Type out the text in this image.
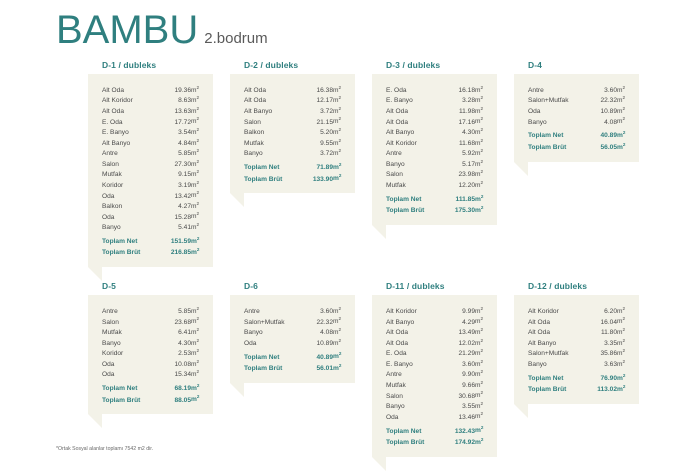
BAMBU 2.bodrum
D-1 / dubleks
Alt Oda	19.36	$m^2$
Alt Koridor	8.63	$m^2$
Alt Oda	13.63	$m^2$
E. Oda	17.72	$m^2$
E. Banyo	3.54	$m^2$
Alt Banyo	4.84	$m^2$
Antre	5.85	$m^2$
Salon	27.30	$m^2$
Mutfak	9.15	$m^2$
Koridor	3.19	$m^2$
Oda	13.42	$m^2$
Balkon	4.27	$m^2$
Oda	15.28	$m^2$
Banyo	5.41	$m^2$
Toplam Net	151.59	$m^2$
Toplam Brüt	216.85	$m^2$
D-2 / dubleks
Alt Oda	16.38	$m^2$
Alt Oda	12.17	$m^2$
Alt Banyo	3.72	$m^2$
Salon	21.15	$m^2$
Balkon	5.20	$m^2$
Mutfak	9.55	$m^2$
Banyo	3.72	$m^2$
Toplam Net	71.89	$m^2$
Toplam Brüt	133.90	$m^2$
D-3 / dubleks
E. Oda	16.18	$m^2$
E. Banyo	3.28	$m^2$
Alt Oda	11.98	$m^2$
Alt Oda	17.16	$m^2$
Alt Banyo	4.30	$m^2$
Alt Koridor	11.68	$m^2$
Antre	5.92	$m^2$
Banyo	5.17	$m^2$
Salon	23.98	$m^2$
Mutfak	12.20	$m^2$
Toplam Net	111.85	$m^2$
Toplam Brüt	175.30	$m^2$
D-4
Antre	3.60	$m^2$
Salon+Mutfak	22.32	$m^2$
Oda	10.89	$m^2$
Banyo	4.08	$m^2$
Toplam Net	40.89	$m^2$
Toplam Brüt	56.05	$m^2$
D-5
Antre	5.85	$m^2$
Salon	23.68	$m^2$
Mutfak	6.41	$m^2$
Banyo	4.30	$m^2$
Koridor	2.53	$m^2$
Oda	10.08	$m^2$
Oda	15.34	$m^2$
Toplam Net	68.19	$m^2$
Toplam Brüt	88.05	$m^2$
D-6
Antre	3.60	$m^2$
Salon+Mutfak	22.32	$m^2$
Banyo	4.08	$m^2$
Oda	10.89	$m^2$
Toplam Net	40.89	$m^2$
Toplam Brüt	56.01	$m^2$
D-11 / dubleks
Alt Koridor	9.99	$m^2$
Alt Banyo	4.29	$m^2$
Alt Oda	13.49	$m^2$
Alt Oda	12.02	$m^2$
E. Oda	21.29	$m^2$
E. Banyo	3.60	$m^2$
Antre	9.90	$m^2$
Mutfak	9.66	$m^2$
Salon	30.68	$m^2$
Banyo	3.55	$m^2$
Oda	13.46	$m^2$
Toplam Net	132.43	$m^2$
Toplam Brüt	174.92	$m^2$
D-12 / dubleks
Alt Koridor	6.20	$m^2$
Alt Oda	16.04	$m^2$
Alt Oda	11.80	$m^2$
Alt Banyo	3.35	$m^2$
Salon+Mutfak	35.86	$m^2$
Banyo	3.63	$m^2$
Toplam Net	76.90	$m^2$
Toplam Brüt	113.02	$m^2$
*Ortak Sosyal alanlar toplamı 7542 m2 dir.
